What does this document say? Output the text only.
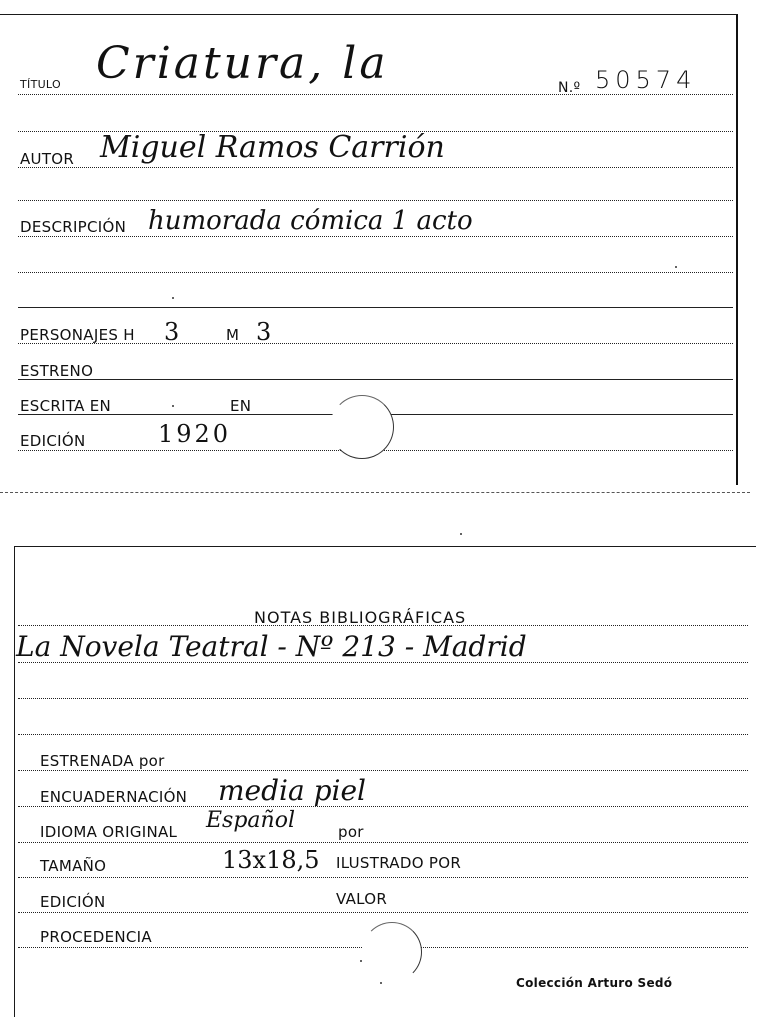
TÍTULO Criatura, la	N.º 50574
AUTOR Miguel Ramos Carrión
DESCRIPCIÓN humorada cómica 1 acto
PERSONAJES H 3	M 3
ESTRENO
ESCRITA EN	EN
EDICIÓN	1920
NOTAS BIBLIOGRÁFICAS
La Novela Teatral - Nº 213 - Madrid
ESTRENADA por
ENCUADERNACIÓN media piel
IDIOMA ORIGINAL Español	por
TAMAÑO	13x18,5 ILUSTRADO POR
EDICIÓN	VALOR
PROCEDENCIA
Colección Arturo Sedó
